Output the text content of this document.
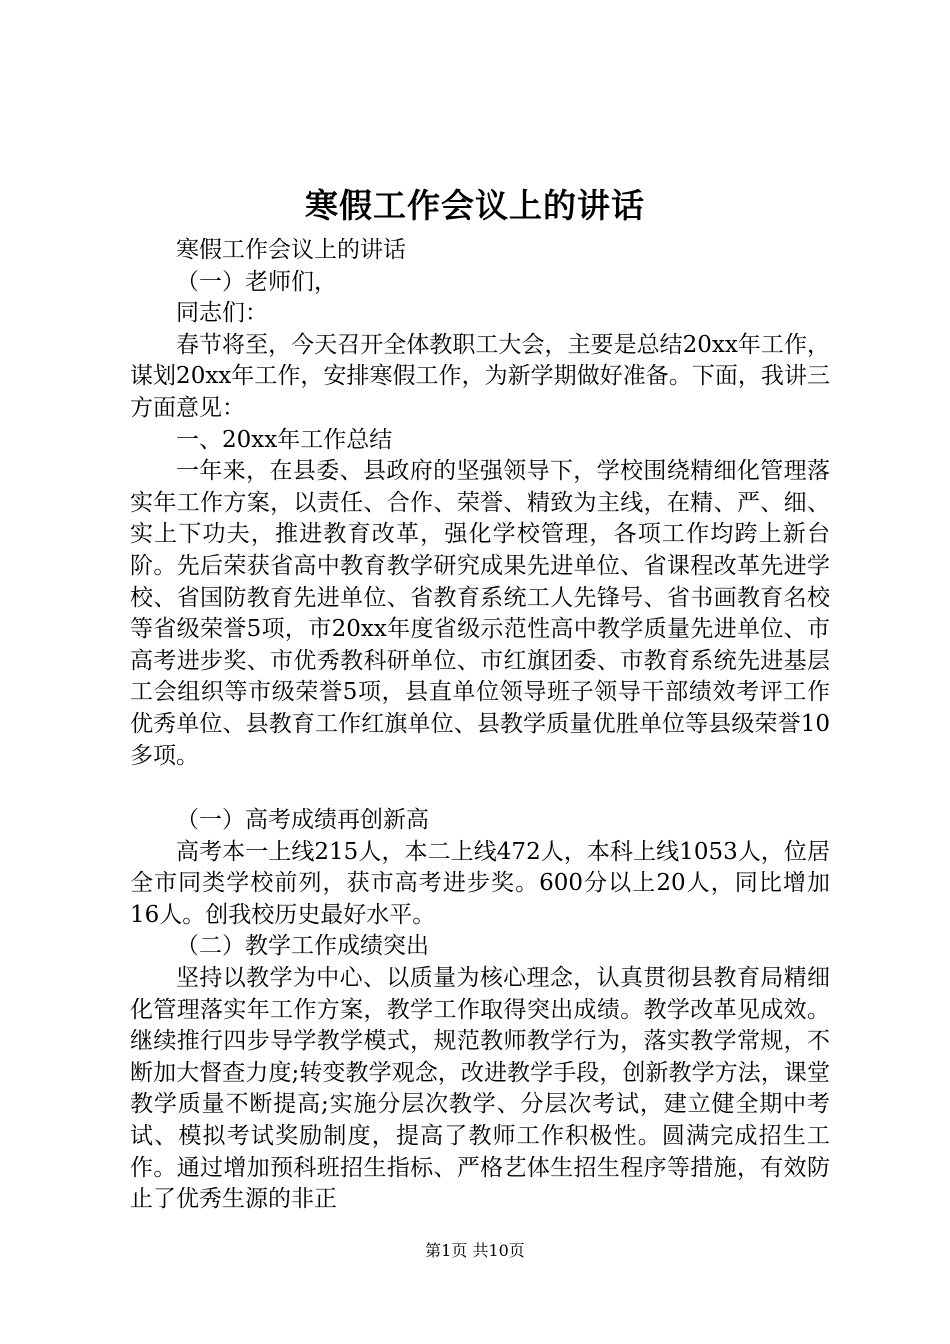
寒假工作会议上的讲话

寒假工作会议上的讲话

（一）老师们，

同志们：

春节将至，今天召开全体教职工大会，主要是总结20xx年工作，谋划20xx年工作，安排寒假工作，为新学期做好准备。下面，我讲三方面意见：

一、20xx年工作总结

一年来，在县委、县政府的坚强领导下，学校围绕精细化管理落实年工作方案，以责任、合作、荣誉、精致为主线，在精、严、细、实上下功夫，推进教育改革，强化学校管理，各项工作均跨上新台阶。先后荣获省高中教育教学研究成果先进单位、省课程改革先进学校、省国防教育先进单位、省教育系统工人先锋号、省书画教育名校等省级荣誉5项，市20xx年度省级示范性高中教学质量先进单位、市高考进步奖、市优秀教科研单位、市红旗团委、市教育系统先进基层工会组织等市级荣誉5项，县直单位领导班子领导干部绩效考评工作优秀单位、县教育工作红旗单位、县教学质量优胜单位等县级荣誉10多项。

（一）高考成绩再创新高

高考本一上线215人，本二上线472人，本科上线1053人，位居全市同类学校前列，获市高考进步奖。600分以上20人，同比增加16人。创我校历史最好水平。

（二）教学工作成绩突出

坚持以教学为中心、以质量为核心理念，认真贯彻县教育局精细化管理落实年工作方案，教学工作取得突出成绩。教学改革见成效。继续推行四步导学教学模式，规范教师教学行为，落实教学常规，不断加大督查力度;转变教学观念，改进教学手段，创新教学方法，课堂教学质量不断提高;实施分层次教学、分层次考试，建立健全期中考试、模拟考试奖励制度，提高了教师工作积极性。圆满完成招生工作。通过增加预科班招生指标、严格艺体生招生程序等措施，有效防止了优秀生源的非正

第1页 共10页
